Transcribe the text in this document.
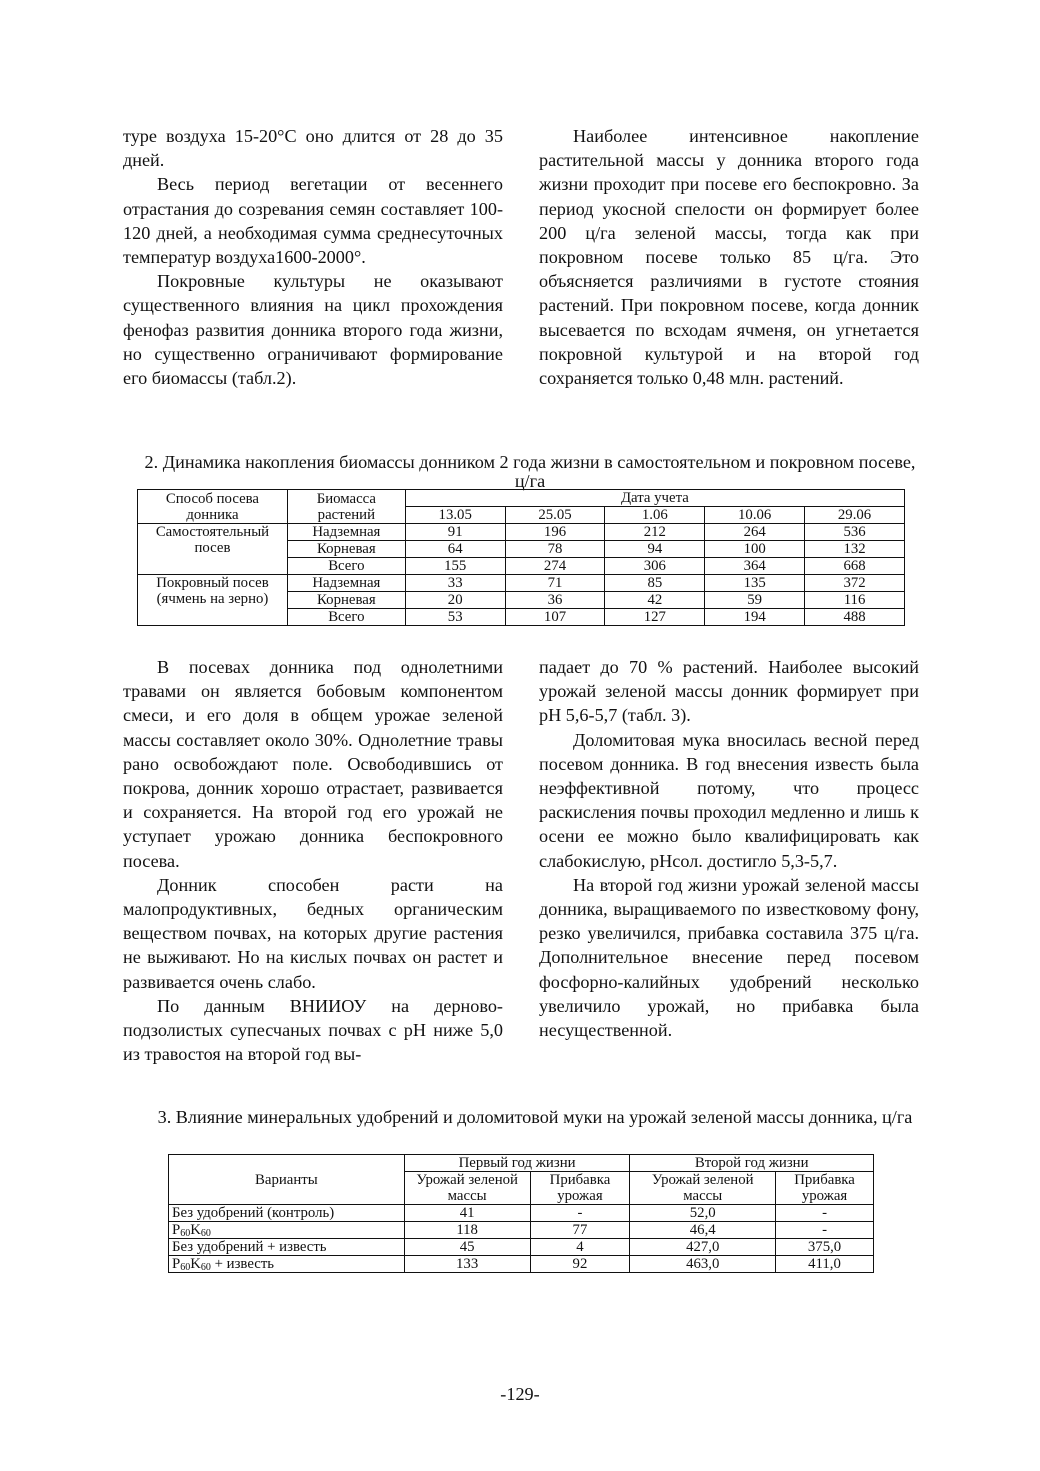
туре воздуха 15-20°С оно длится от 28 до 35 дней.

Весь период вегетации от весеннего отрастания до созревания семян составляет 100-120 дней, а необходимая сумма среднесуточных температур воздуха1600-2000°.

Покровные культуры не оказывают существенного влияния на цикл прохождения фенофаз развития донника второго года жизни, но существенно ограничивают формирование его биомассы (табл.2).

Наиболее интенсивное накопление растительной массы у донника второго года жизни проходит при посеве его беспокровно. За период укосной спелости он формирует более 200 ц/га зеленой массы, тогда как при покровном посеве только 85 ц/га. Это объясняется различиями в густоте стояния растений. При покровном посеве, когда донник высевается по всходам ячменя, он угнетается покровной культурой и на второй год сохраняется только 0,48 млн. растений.

2. Динамика накопления биомассы донником 2 года жизни в самостоятельном и покровном посеве, ц/га
Способ посева донника	Биомасса растений	Дата учета				
		13.05	25.05	1.06	10.06	29.06
Самостоятельный посев	Надземная	91	196	212	264	536
	Корневая	64	78	94	100	132
	Всего	155	274	306	364	668
Покровный посев (ячмень на зерно)	Надземная	33	71	85	135	372
	Корневая	20	36	42	59	116
	Всего	53	107	127	194	488

В посевах донника под однолетними травами он является бобовым компонентом смеси, и его доля в общем урожае зеленой массы составляет около 30%. Однолетние травы рано освобождают поле. Освободившись от покрова, донник хорошо отрастает, развивается и сохраняется. На второй год его урожай не уступает урожаю донника беспокровного посева.

Донник способен расти на малопродуктивных, бедных органическим веществом почвах, на которых другие растения не выживают. Но на кислых почвах он растет и развивается очень слабо.

По данным ВНИИОУ на дерново-подзолистых супесчаных почвах с рН ниже 5,0 из травостоя на второй год вы-

падает до 70 % растений. Наиболее высокий урожай зеленой массы донник формирует при рН 5,6-5,7 (табл. 3).

Доломитовая мука вносилась весной перед посевом донника. В год внесения известь была неэффективной потому, что процесс раскисления почвы проходил медленно и лишь к осени ее можно было квалифицировать как слабокислую, рНсол. достигло 5,3-5,7.

На второй год жизни урожай зеленой массы донника, выращиваемого по известковому фону, резко увеличился, прибавка составила 375 ц/га. Дополнительное внесение перед посевом фосфорно-калийных удобрений несколько увеличило урожай, но прибавка была несущественной.

3. Влияние минеральных удобрений и доломитовой муки на урожай зеленой массы донника, ц/га
Варианты	Первый год жизни		Второй год жизни	
	Урожай зеленой массы	Прибавка урожая	Урожай зеленой массы	Прибавка урожая
Без удобрений (контроль)	41	-	52,0	-
$P_{60}K_{60}$	118	77	46,4	-
Без удобрений + известь	45	4	427,0	375,0
$P_{60}K_{60}$ + известь	133	92	463,0	411,0
-129-
